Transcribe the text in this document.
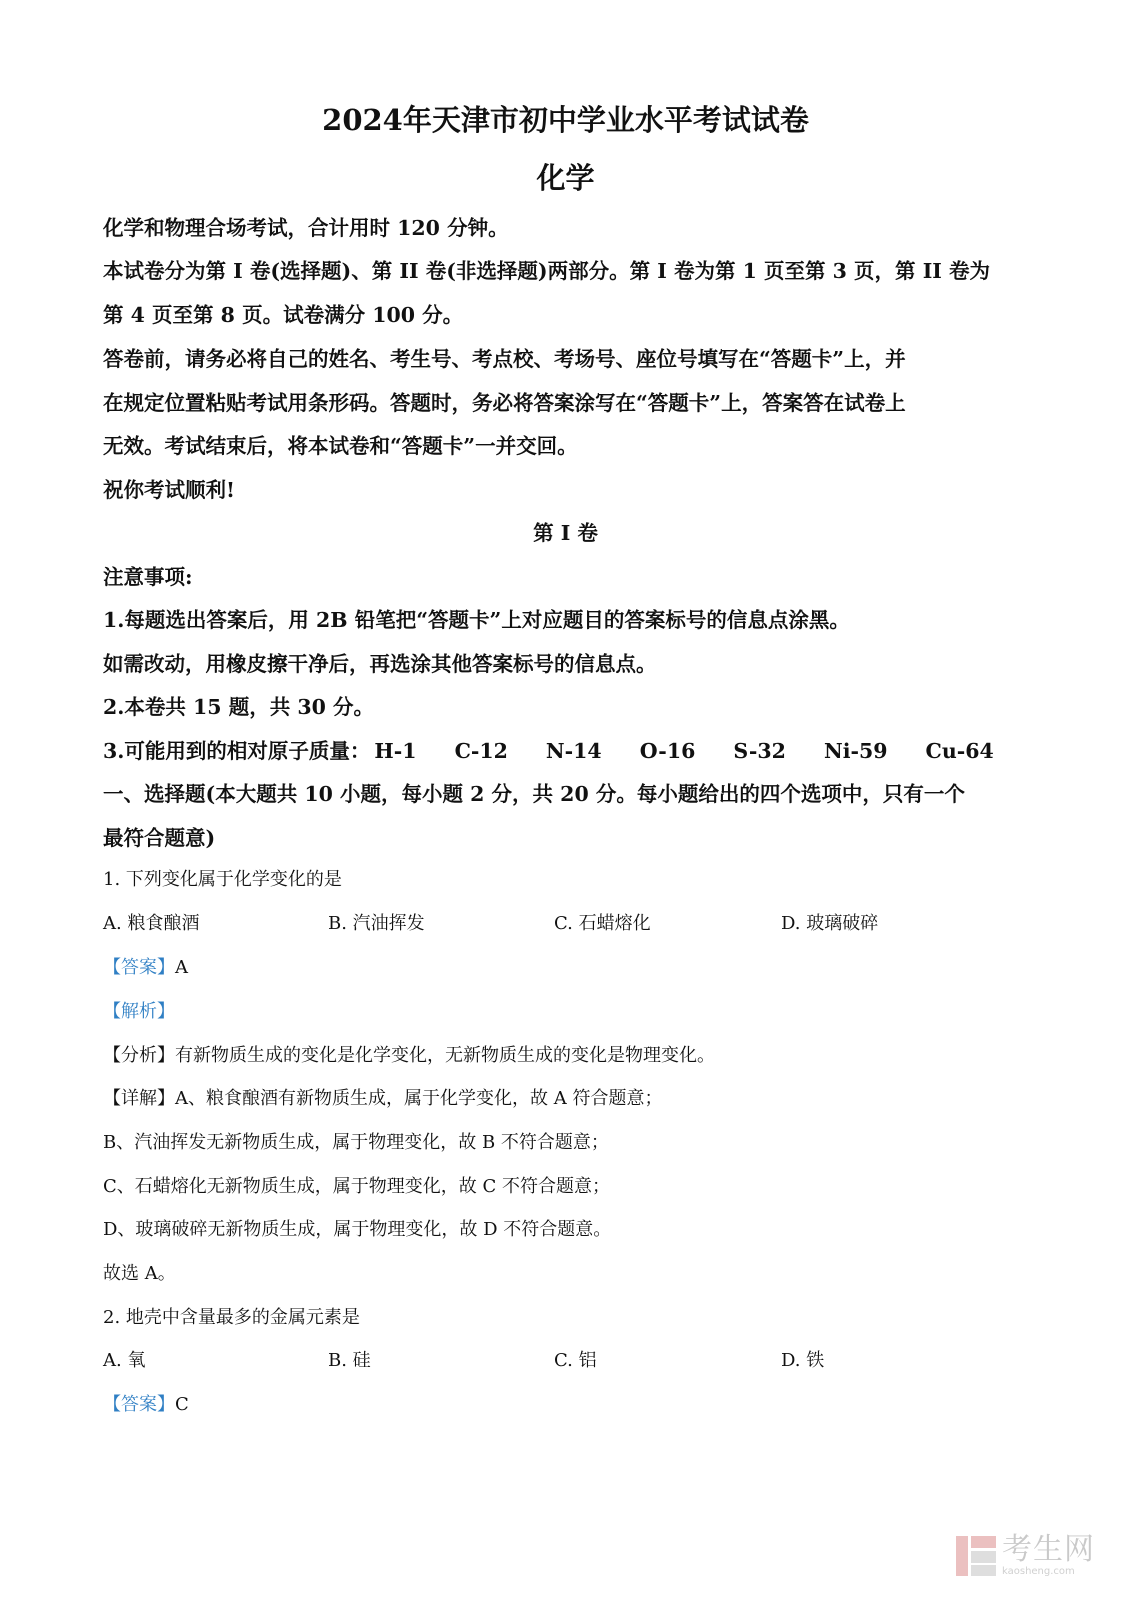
2024年天津市初中学业水平考试试卷
化学
化学和物理合场考试，合计用时 120 分钟。
本试卷分为第 I 卷(选择题)、第 II 卷(非选择题)两部分。第 I 卷为第 1 页至第 3 页，第 II 卷为
第 4 页至第 8 页。试卷满分 100 分。
答卷前，请务必将自己的姓名、考生号、考点校、考场号、座位号填写在“答题卡”上，并
在规定位置粘贴考试用条形码。答题时，务必将答案涂写在“答题卡”上，答案答在试卷上
无效。考试结束后，将本试卷和“答题卡”一并交回。
祝你考试顺利!
第 I 卷
注意事项:
1.每题选出答案后，用 2B 铅笔把“答题卡”上对应题目的答案标号的信息点涂黑。
如需改动，用橡皮擦干净后，再选涂其他答案标号的信息点。
2.本卷共 15 题，共 30 分。
3.可能用到的相对原子质量： H-1 C-12 N-14 O-16 S-32 Ni-59 Cu-64
一、选择题(本大题共 10 小题，每小题 2 分，共 20 分。每小题给出的四个选项中，只有一个
最符合题意)
1. 下列变化属于化学变化的是
A. 粮食酿酒	B. 汽油挥发	C. 石蜡熔化	D. 玻璃破碎
【答案】A
【解析】
【分析】有新物质生成的变化是化学变化，无新物质生成的变化是物理变化。
【详解】A、粮食酿酒有新物质生成，属于化学变化，故 A 符合题意；
B、汽油挥发无新物质生成，属于物理变化，故 B 不符合题意；
C、石蜡熔化无新物质生成，属于物理变化，故 C 不符合题意；
D、玻璃破碎无新物质生成，属于物理变化，故 D 不符合题意。
故选 A。
2. 地壳中含量最多的金属元素是
A. 氧	B. 硅	C. 铝	D. 铁
【答案】C
考生网
kaosheng.com
